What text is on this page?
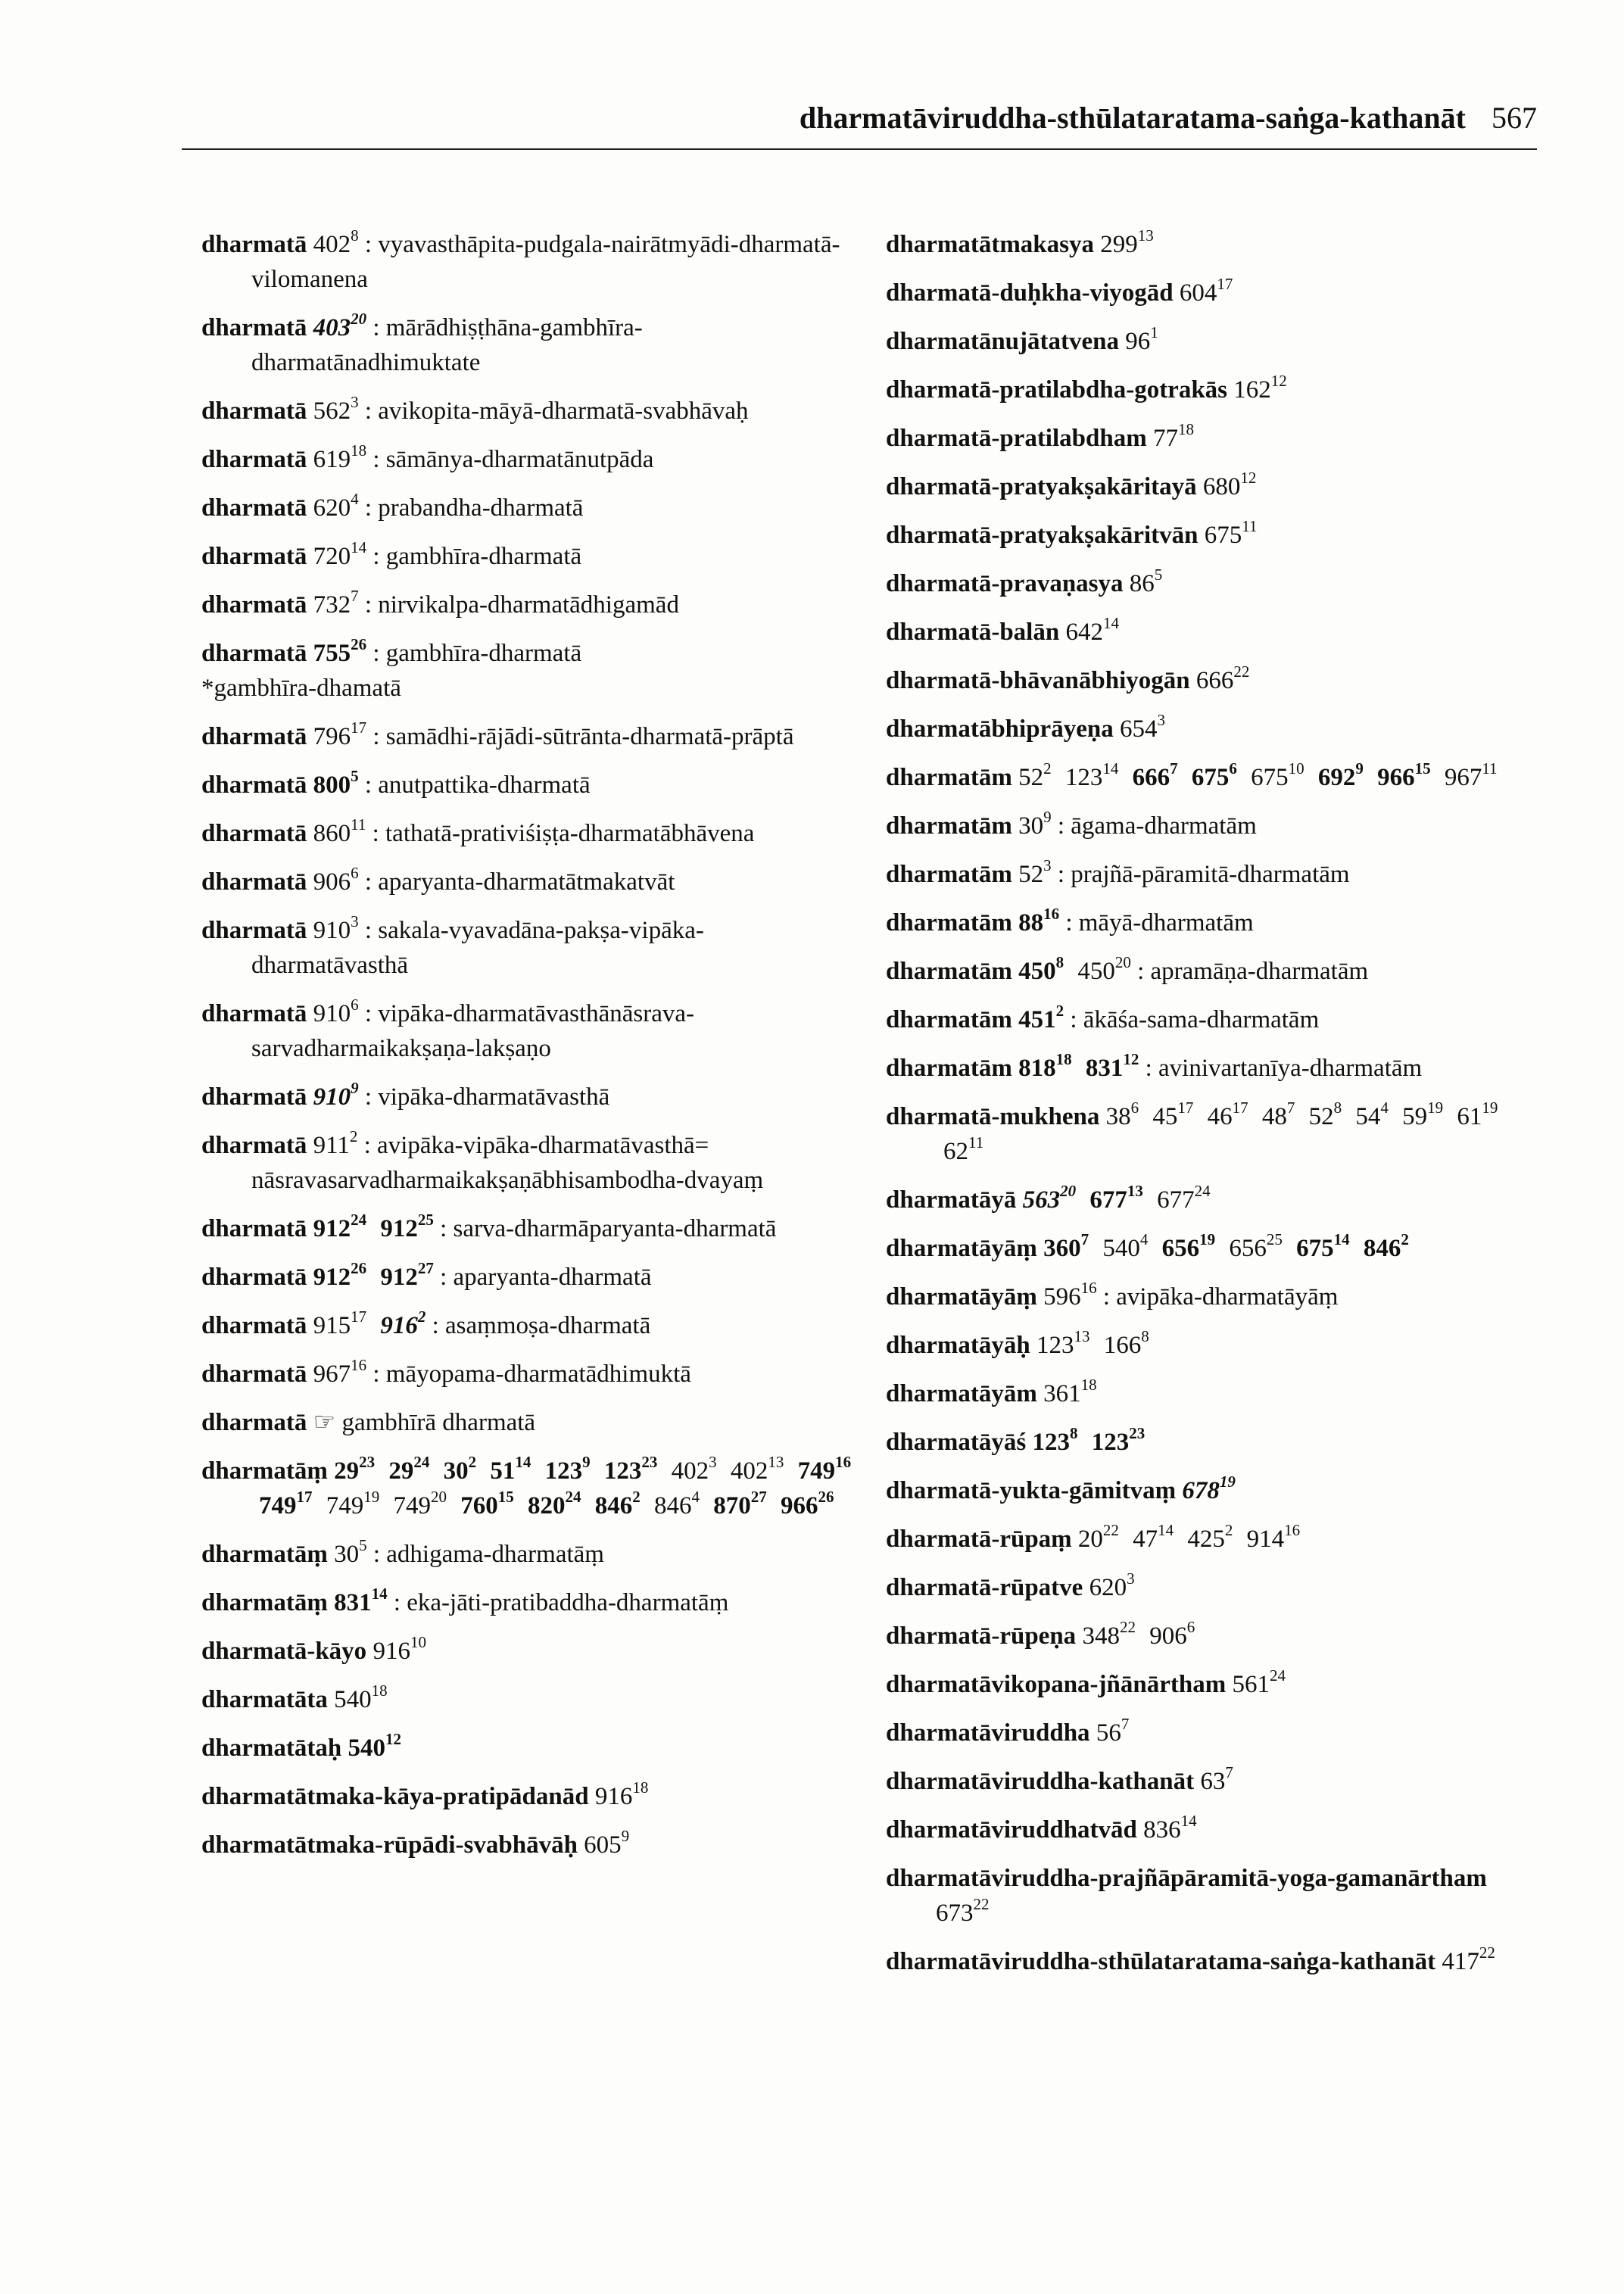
dharmatāviruddha-sthūlataratama-saṅga-kathanāt 567
dharmatā $402^8$ : vyavasthāpita-pudgala-nairātmyādi-dharmatā-vilomanena
dharmatā $403^{20}$ : mārādhiṣṭhāna-gambhīra-dharmatānadhimuktate
dharmatā $562^3$ : avikopita-māyā-dharmatā-svabhāvaḥ
dharmatā $619^{18}$ : sāmānya-dharmatānutpāda
dharmatā $620^4$ : prabandha-dharmatā
dharmatā $720^{14}$ : gambhīra-dharmatā
dharmatā $732^7$ : nirvikalpa-dharmatādhigamād
dharmatā $755^{26}$ : gambhīra-dharmatā
*gambhīra-dhamatā
dharmatā $796^{17}$ : samādhi-rājādi-sūtrānta-dharmatā-prāptā
dharmatā $800^5$ : anutpattika-dharmatā
dharmatā $860^{11}$ : tathatā-prativiśiṣṭa-dharmatābhāvena
dharmatā $906^6$ : aparyanta-dharmatātmakatvāt
dharmatā $910^3$ : sakala-vyavadāna-pakṣa-vipāka-dharmatāvasthā
dharmatā $910^6$ : vipāka-dharmatāvasthānāsrava-sarvadharmaikakṣaṇa-lakṣaṇo
dharmatā $910^9$ : vipāka-dharmatāvasthā
dharmatā $911^2$ : avipāka-vipāka-dharmatāvasthā= nāsravasarvadharmaikakṣaṇābhisambodha-dvayaṃ
dharmatā $912^{24}$ $912^{25}$ : sarva-dharmāparyanta-dharmatā
dharmatā $912^{26}$ $912^{27}$ : aparyanta-dharmatā
dharmatā $915^{17}$ $916^2$ : asaṃmoṣa-dharmatā
dharmatā $967^{16}$ : māyopama-dharmatādhimuktā
dharmatā ☞ gambhīrā dharmatā
dharmatāṃ $29^{23}$ $29^{24}$ $30^2$ $51^{14}$ $123^9$ $123^{23}$ $402^3$ $402^{13}$ $749^{16}$ $749^{17}$ $749^{19}$ $749^{20}$ $760^{15}$ $820^{24}$ $846^2$ $846^4$ $870^{27}$ $966^{26}$
dharmatāṃ $30^5$ : adhigama-dharmatāṃ
dharmatāṃ $831^{14}$ : eka-jāti-pratibaddha-dharmatāṃ
dharmatā-kāyo $916^{10}$
dharmatāta $540^{18}$
dharmatātaḥ $540^{12}$
dharmatātmaka-kāya-pratipādanād $916^{18}$
dharmatātmaka-rūpādi-svabhāvāḥ $605^9$
dharmatātmakasya $299^{13}$
dharmatā-duḥkha-viyogād $604^{17}$
dharmatānujātatvena $96^1$
dharmatā-pratilabdha-gotrakās $162^{12}$
dharmatā-pratilabdham $77^{18}$
dharmatā-pratyakṣakāritayā $680^{12}$
dharmatā-pratyakṣakāritvān $675^{11}$
dharmatā-pravaṇasya $86^5$
dharmatā-balān $642^{14}$
dharmatā-bhāvanābhiyogān $666^{22}$
dharmatābhiprāyeṇa $654^3$
dharmatām $52^2$ $123^{14}$ $666^7$ $675^6$ $675^{10}$ $692^9$ $966^{15}$ $967^{11}$
dharmatām $30^9$ : āgama-dharmatām
dharmatām $52^3$ : prajñā-pāramitā-dharmatām
dharmatām $88^{16}$ : māyā-dharmatām
dharmatām $450^8$ $450^{20}$ : apramāṇa-dharmatām
dharmatām $451^2$ : ākāśa-sama-dharmatām
dharmatām $818^{18}$ $831^{12}$ : avinivartanīya-dharmatām
dharmatā-mukhena $38^6$ $45^{17}$ $46^{17}$ $48^7$ $52^8$ $54^4$ $59^{19}$ $61^{19}$ $62^{11}$
dharmatāyā $563^{20}$ $677^{13}$ $677^{24}$
dharmatāyāṃ $360^7$ $540^4$ $656^{19}$ $656^{25}$ $675^{14}$ $846^2$
dharmatāyāṃ $596^{16}$ : avipāka-dharmatāyāṃ
dharmatāyāḥ $123^{13}$ $166^8$
dharmatāyām $361^{18}$
dharmatāyāś $123^8$ $123^{23}$
dharmatā-yukta-gāmitvaṃ $678^{19}$
dharmatā-rūpaṃ $20^{22}$ $47^{14}$ $425^2$ $914^{16}$
dharmatā-rūpatve $620^3$
dharmatā-rūpeṇa $348^{22}$ $906^6$
dharmatāvikopana-jñānārtham $561^{24}$
dharmatāviruddha $56^7$
dharmatāviruddha-kathanāt $63^7$
dharmatāviruddhatvād $836^{14}$
dharmatāviruddha-prajñāpāramitā-yoga-gamanārtham $673^{22}$
dharmatāviruddha-sthūlataratama-saṅga-kathanāt $417^{22}$
